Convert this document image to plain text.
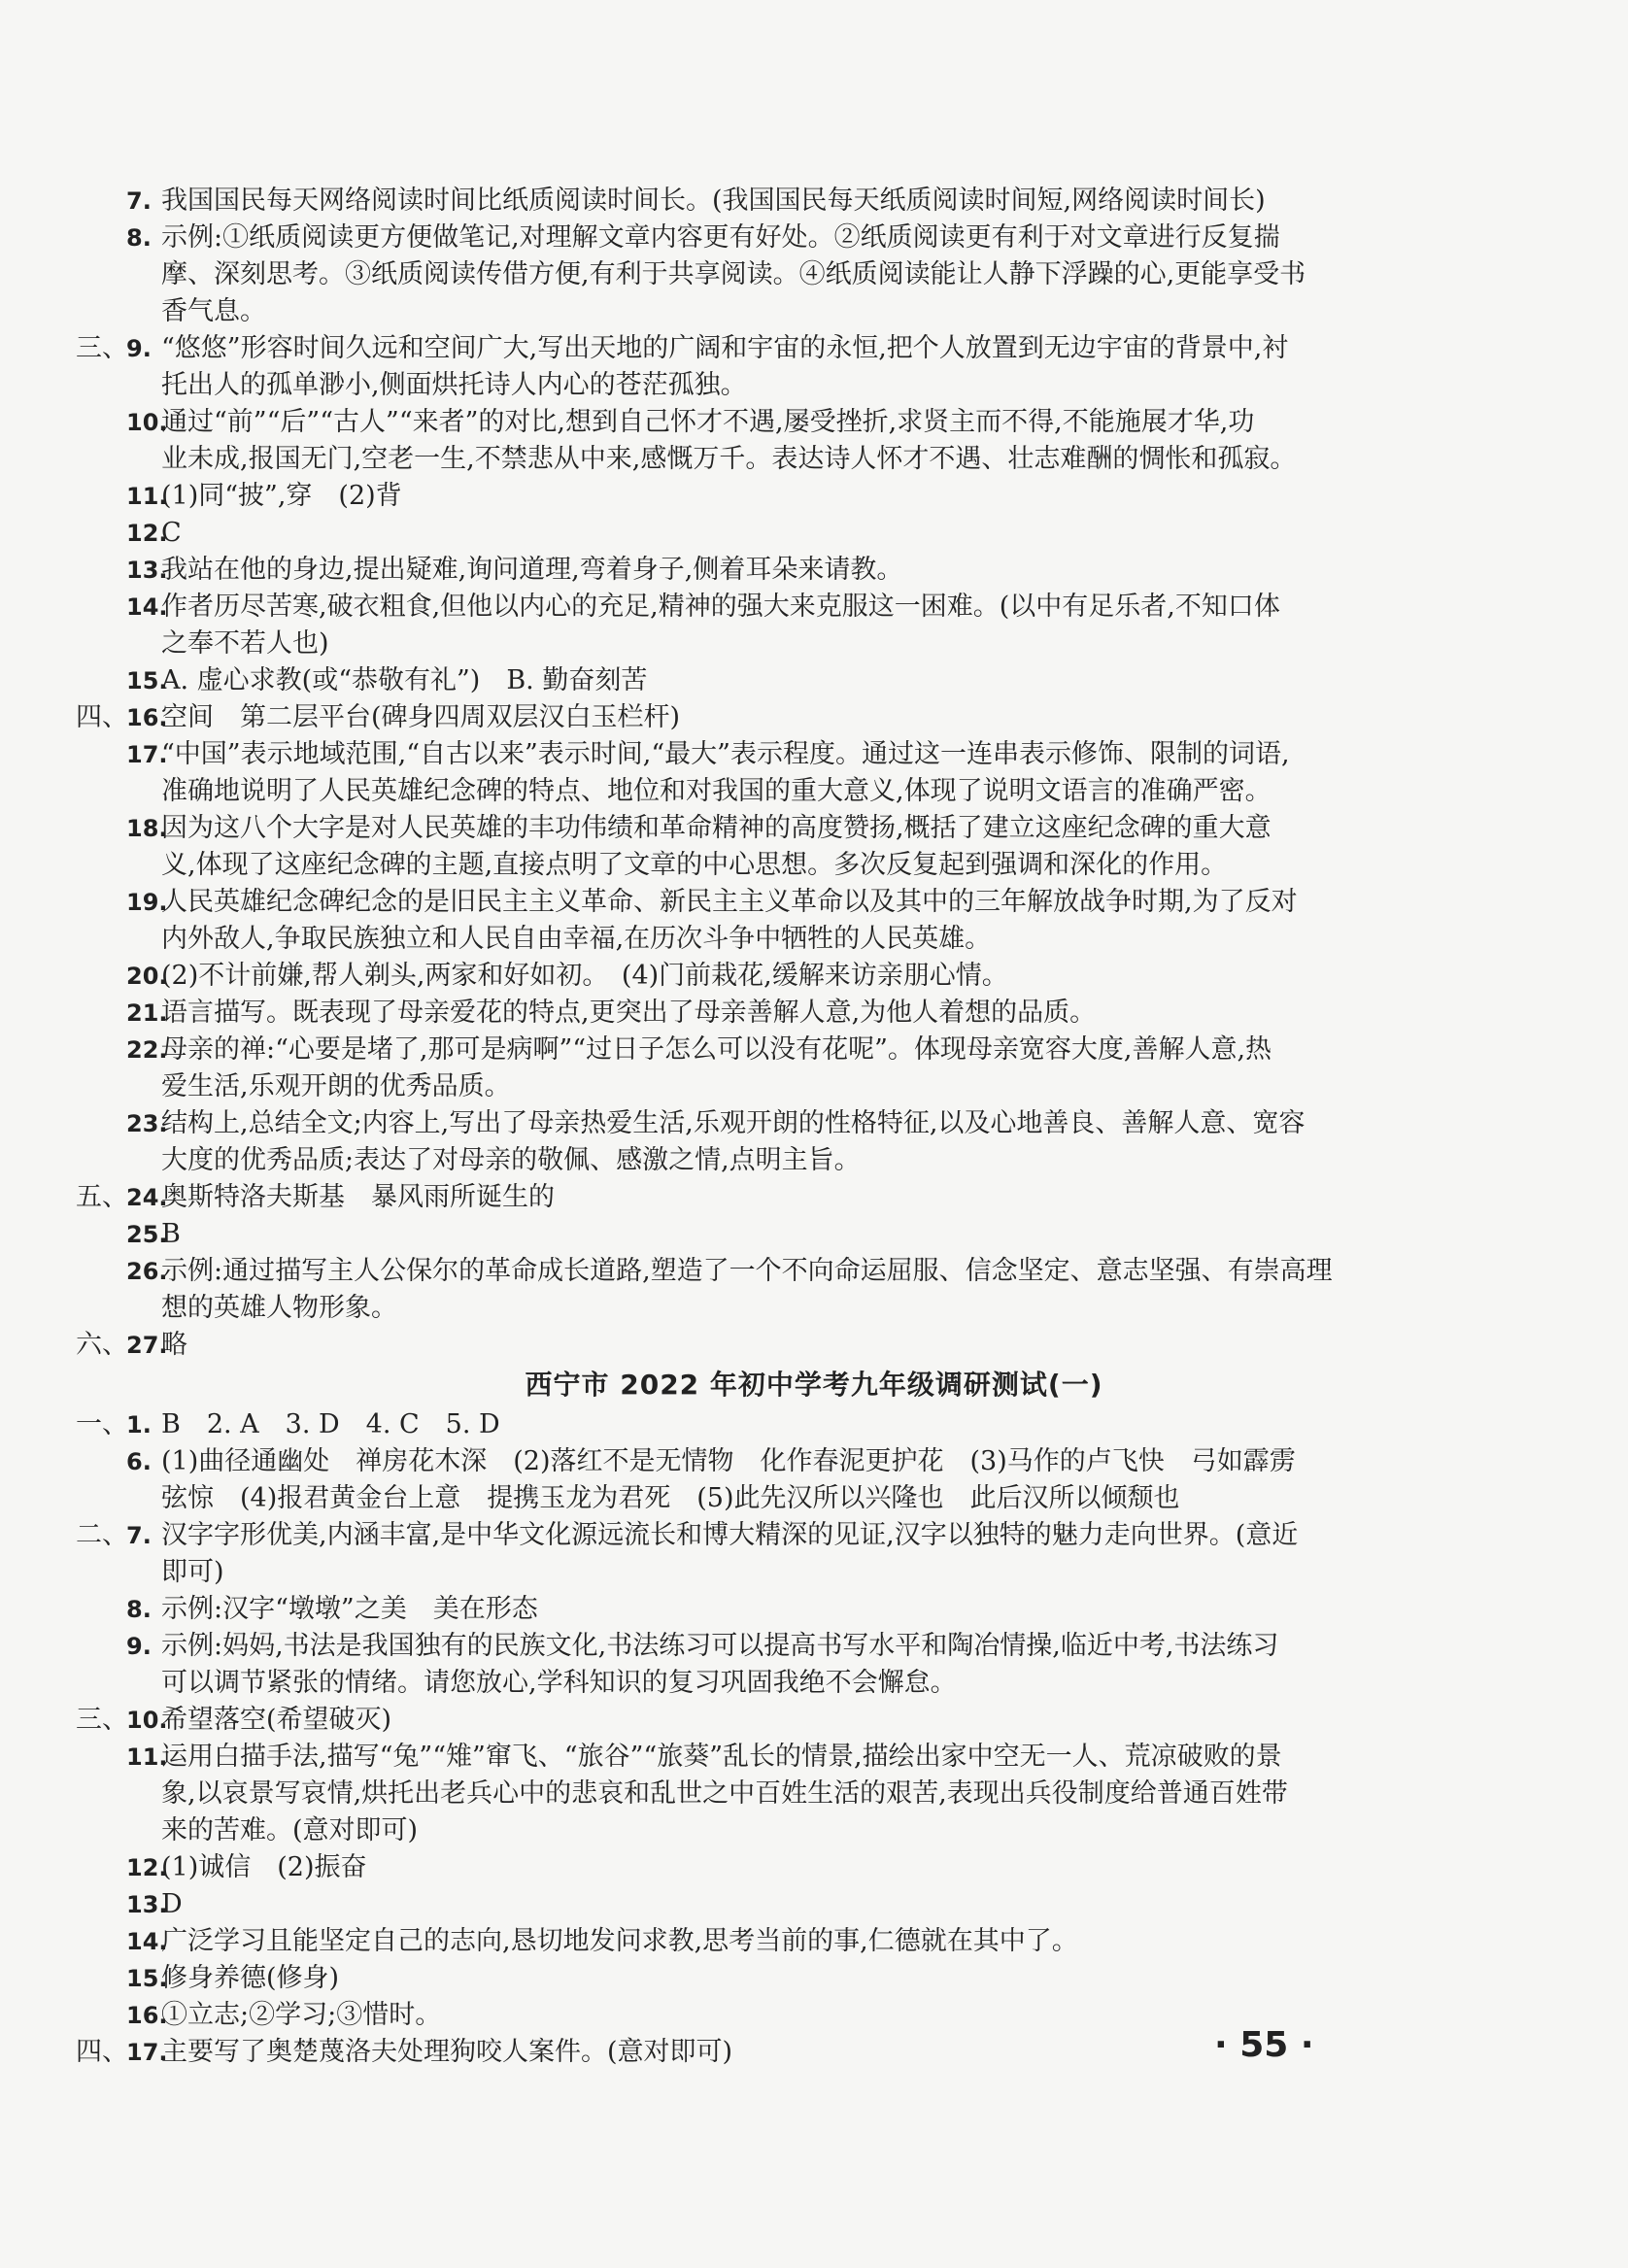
7. 我国国民每天网络阅读时间比纸质阅读时间长。(我国国民每天纸质阅读时间短,网络阅读时间长)
8. 示例:①纸质阅读更方便做笔记,对理解文章内容更有好处。②纸质阅读更有利于对文章进行反复揣
摩、深刻思考。③纸质阅读传借方便,有利于共享阅读。④纸质阅读能让人静下浮躁的心,更能享受书
香气息。
三、
9. “悠悠”形容时间久远和空间广大,写出天地的广阔和宇宙的永恒,把个人放置到无边宇宙的背景中,衬
托出人的孤单渺小,侧面烘托诗人内心的苍茫孤独。
10.
通过“前”“后”“古人”“来者”的对比,想到自己怀才不遇,屡受挫折,求贤主而不得,不能施展才华,功
业未成,报国无门,空老一生,不禁悲从中来,感慨万千。表达诗人怀才不遇、壮志难酬的惆怅和孤寂。
11.
(1)同“披”,穿　(2)背
12.
C
13.
我站在他的身边,提出疑难,询问道理,弯着身子,侧着耳朵来请教。
14.
作者历尽苦寒,破衣粗食,但他以内心的充足,精神的强大来克服这一困难。(以中有足乐者,不知口体
之奉不若人也)
15.
A. 虚心求教(或“恭敬有礼”)　B. 勤奋刻苦
四、
16.
空间　第二层平台(碑身四周双层汉白玉栏杆)
17.
“中国”表示地域范围,“自古以来”表示时间,“最大”表示程度。通过这一连串表示修饰、限制的词语,
准确地说明了人民英雄纪念碑的特点、地位和对我国的重大意义,体现了说明文语言的准确严密。
18.
因为这八个大字是对人民英雄的丰功伟绩和革命精神的高度赞扬,概括了建立这座纪念碑的重大意
义,体现了这座纪念碑的主题,直接点明了文章的中心思想。多次反复起到强调和深化的作用。
19.
人民英雄纪念碑纪念的是旧民主主义革命、新民主主义革命以及其中的三年解放战争时期,为了反对
内外敌人,争取民族独立和人民自由幸福,在历次斗争中牺牲的人民英雄。
20.
(2)不计前嫌,帮人剃头,两家和好如初。　(4)门前栽花,缓解来访亲朋心情。
21.
语言描写。既表现了母亲爱花的特点,更突出了母亲善解人意,为他人着想的品质。
22.
母亲的禅:“心要是堵了,那可是病啊”“过日子怎么可以没有花呢”。体现母亲宽容大度,善解人意,热
爱生活,乐观开朗的优秀品质。
23.
结构上,总结全文;内容上,写出了母亲热爱生活,乐观开朗的性格特征,以及心地善良、善解人意、宽容
大度的优秀品质;表达了对母亲的敬佩、感激之情,点明主旨。
五、
24.
奥斯特洛夫斯基　暴风雨所诞生的
25.
B
26.
示例:通过描写主人公保尔的革命成长道路,塑造了一个不向命运屈服、信念坚定、意志坚强、有崇高理
想的英雄人物形象。
六、
27.
略
西宁市 2022 年初中学考九年级调研测试(一)
一、
1. B　2. A　3. D　4. C　5. D
6. (1)曲径通幽处　禅房花木深　(2)落红不是无情物　化作春泥更护花　(3)马作的卢飞快　弓如霹雳
弦惊　(4)报君黄金台上意　提携玉龙为君死　(5)此先汉所以兴隆也　此后汉所以倾颓也
二、
7. 汉字字形优美,内涵丰富,是中华文化源远流长和博大精深的见证,汉字以独特的魅力走向世界。(意近
即可)
8. 示例:汉字“墩墩”之美　美在形态
9. 示例:妈妈,书法是我国独有的民族文化,书法练习可以提高书写水平和陶冶情操,临近中考,书法练习
可以调节紧张的情绪。请您放心,学科知识的复习巩固我绝不会懈怠。
三、
10.
希望落空(希望破灭)
11.
运用白描手法,描写“兔”“雉”窜飞、“旅谷”“旅葵”乱长的情景,描绘出家中空无一人、荒凉破败的景
象,以哀景写哀情,烘托出老兵心中的悲哀和乱世之中百姓生活的艰苦,表现出兵役制度给普通百姓带
来的苦难。(意对即可)
12.
(1)诚信　(2)振奋
13.
D
14.
广泛学习且能坚定自己的志向,恳切地发问求教,思考当前的事,仁德就在其中了。
15.
修身养德(修身)
16.
①立志;②学习;③惜时。
四、
17.
主要写了奥楚蔑洛夫处理狗咬人案件。(意对即可)	· 55 ·
